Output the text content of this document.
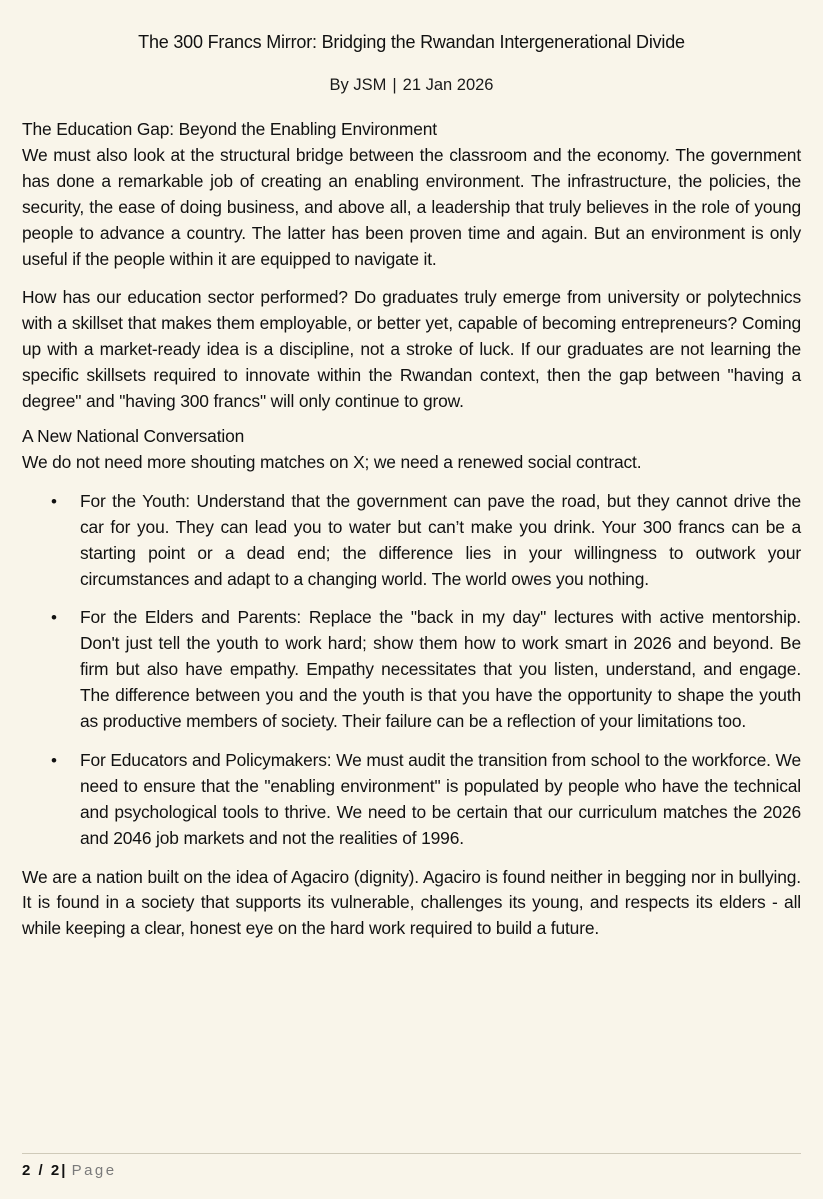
The 300 Francs Mirror: Bridging the Rwandan Intergenerational Divide
By JSM | 21 Jan 2026
The Education Gap: Beyond the Enabling Environment

We must also look at the structural bridge between the classroom and the economy. The government has done a remarkable job of creating an enabling environment. The infrastructure, the policies, the security, the ease of doing business, and above all, a leadership that truly believes in the role of young people to advance a country. The latter has been proven time and again. But an environment is only useful if the people within it are equipped to navigate it.

How has our education sector performed? Do graduates truly emerge from university or polytechnics with a skillset that makes them employable, or better yet, capable of becoming entrepreneurs? Coming up with a market-ready idea is a discipline, not a stroke of luck. If our graduates are not learning the specific skillsets required to innovate within the Rwandan context, then the gap between "having a degree" and "having 300 francs" will only continue to grow.

A New National Conversation

We do not need more shouting matches on X; we need a renewed social contract.

• For the Youth: Understand that the government can pave the road, but they cannot drive the car for you. They can lead you to water but can’t make you drink. Your 300 francs can be a starting point or a dead end; the difference lies in your willingness to outwork your circumstances and adapt to a changing world. The world owes you nothing.
• For the Elders and Parents: Replace the "back in my day" lectures with active mentorship. Don't just tell the youth to work hard; show them how to work smart in 2026 and beyond. Be firm but also have empathy. Empathy necessitates that you listen, understand, and engage. The difference between you and the youth is that you have the opportunity to shape the youth as productive members of society. Their failure can be a reflection of your limitations too.
• For Educators and Policymakers: We must audit the transition from school to the workforce. We need to ensure that the "enabling environment" is populated by people who have the technical and psychological tools to thrive. We need to be certain that our curriculum matches the 2026 and 2046 job markets and not the realities of 1996.

We are a nation built on the idea of Agaciro (dignity). Agaciro is found neither in begging nor in bullying. It is found in a society that supports its vulnerable, challenges its young, and respects its elders - all while keeping a clear, honest eye on the hard work required to build a future.

2 / 2| Page
